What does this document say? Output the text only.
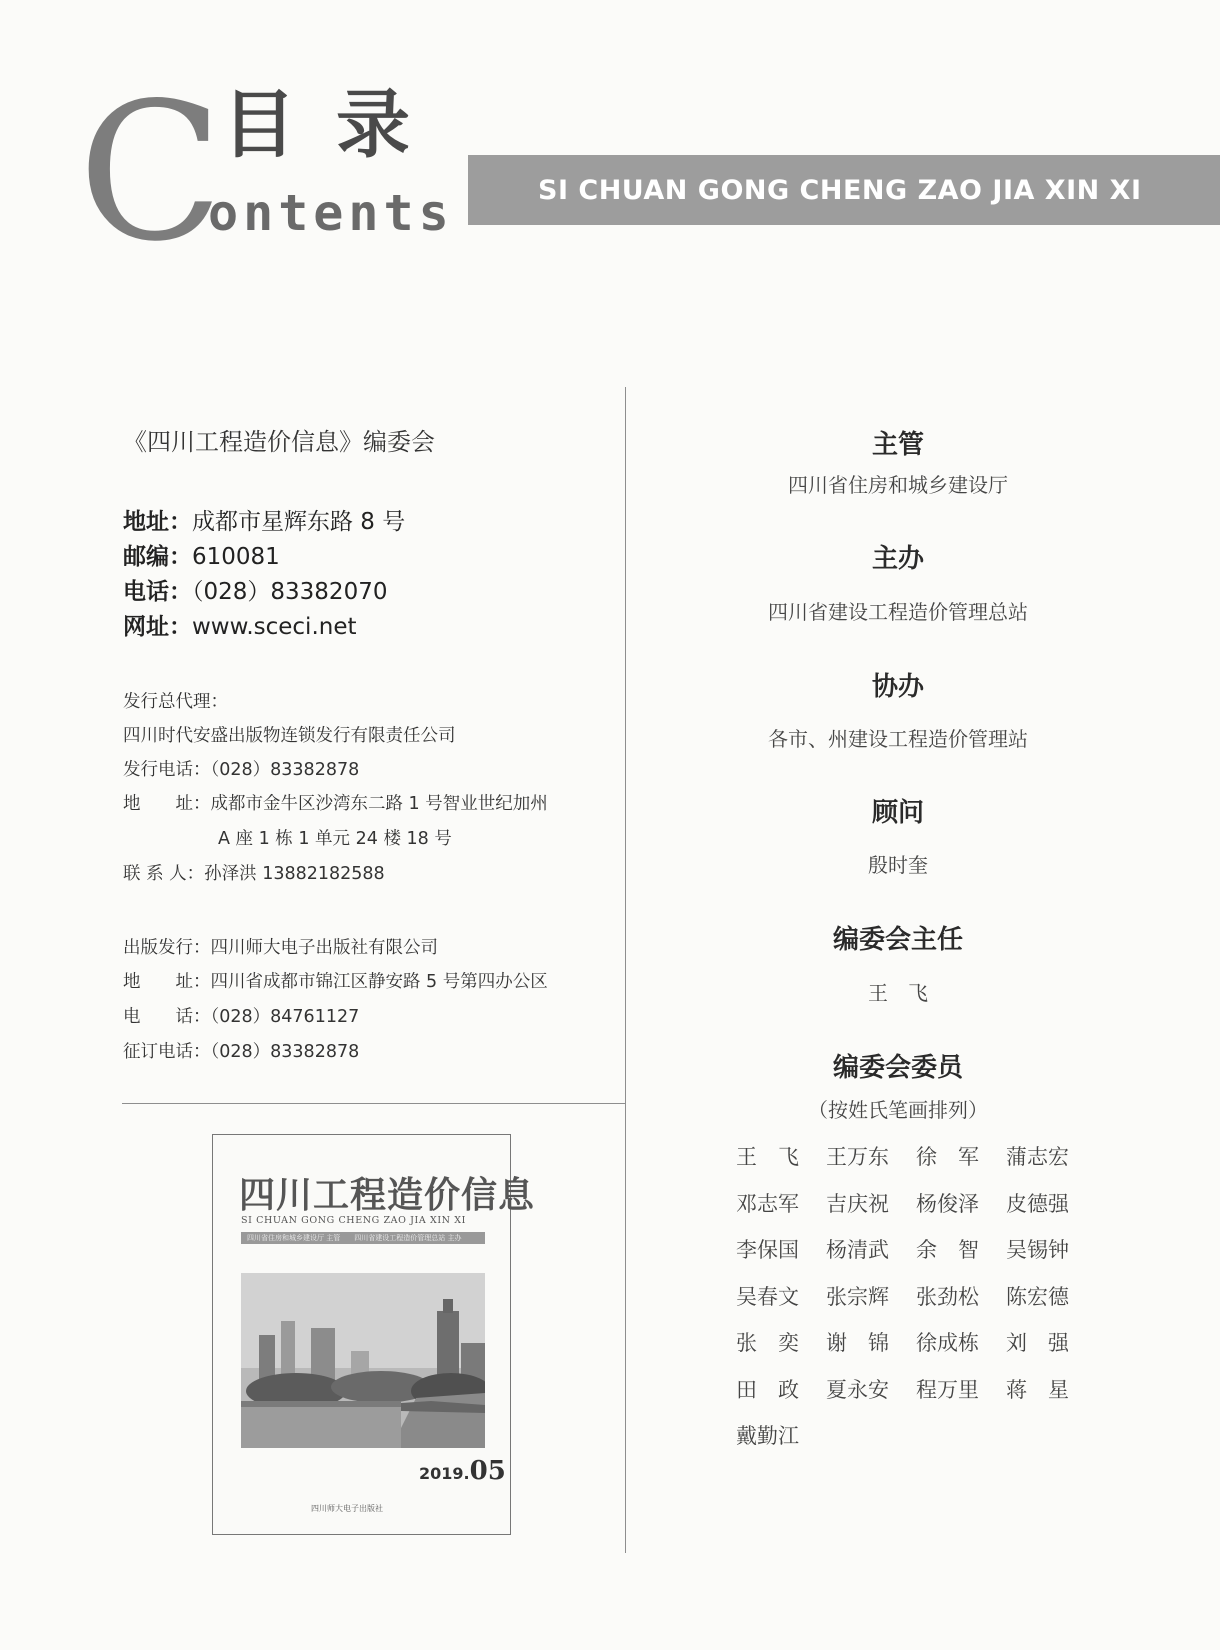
C
目录
ontents	SI CHUAN GONG CHENG ZAO JIA XIN XI
《四川工程造价信息》编委会
地址：成都市星辉东路 8 号
邮编：610081
电话：（028）83382070
网址：www.sceci.net
发行总代理：
四川时代安盛出版物连锁发行有限责任公司
发行电话：（028）83382878
地　　址：成都市金牛区沙湾东二路 1 号智业世纪加州
A 座 1 栋 1 单元 24 楼 18 号
联 系 人：孙泽洪 13882182588
出版发行：四川师大电子出版社有限公司
地　　址：四川省成都市锦江区静安路 5 号第四办公区
电　　话：（028）84761127
征订电话：（028）83382878
四川工程造价信息
SI CHUAN GONG CHENG ZAO JIA XIN XI
四川省住房和城乡建设厅 主管　　四川省建设工程造价管理总站 主办
2019.05
四川师大电子出版社
主管
四川省住房和城乡建设厅
主办
四川省建设工程造价管理总站
协办
各市、州建设工程造价管理站
顾问
殷时奎
编委会主任
王　飞
编委会委员
（按姓氏笔画排列）
王　飞	王万东	徐　军	蒲志宏
邓志军	吉庆祝	杨俊泽	皮德强
李保国	杨清武	余　智	吴锡钟
吴春文	张宗辉	张劲松	陈宏德
张　奕	谢　锦	徐成栋	刘　强
田　政	夏永安	程万里	蒋　星
戴勤江
